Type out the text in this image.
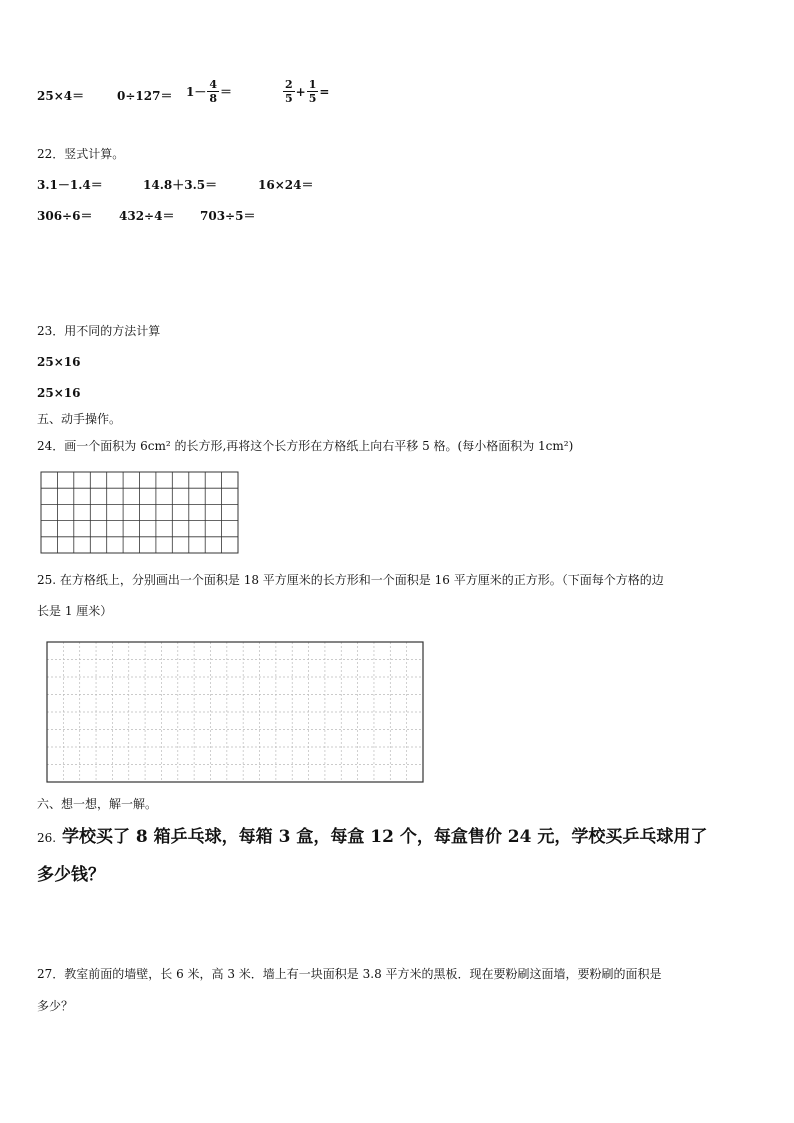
25×4＝	$0\div 127= 1- \frac{4}{8}$ ＝	$\frac{2}{5} + \frac{1}{5}$ =
22．竖式计算。
3.1－1.4＝	14.8＋3.5＝	16×24＝
306÷6＝ 432÷4＝ 703÷5＝
23．用不同的方法计算
25×16
25×16
五、动手操作。
24．画一个面积为 6cm² 的长方形,再将这个长方形在方格纸上向右平移 5 格。(每小格面积为 1cm²)
25. 在方格纸上，分别画出一个面积是 18 平方厘米的长方形和一个面积是 16 平方厘米的正方形。（下面每个方格的边
长是 1 厘米）
六、想一想，解一解。
26. 学校买了 8 箱乒乓球，每箱 3 盒，每盒 12 个，每盒售价 24 元，学校买乒乓球用了
多少钱？
27．教室前面的墙壁，长 6 米，高 3 米．墙上有一块面积是 3.8 平方米的黑板．现在要粉刷这面墙，要粉刷的面积是
多少？
